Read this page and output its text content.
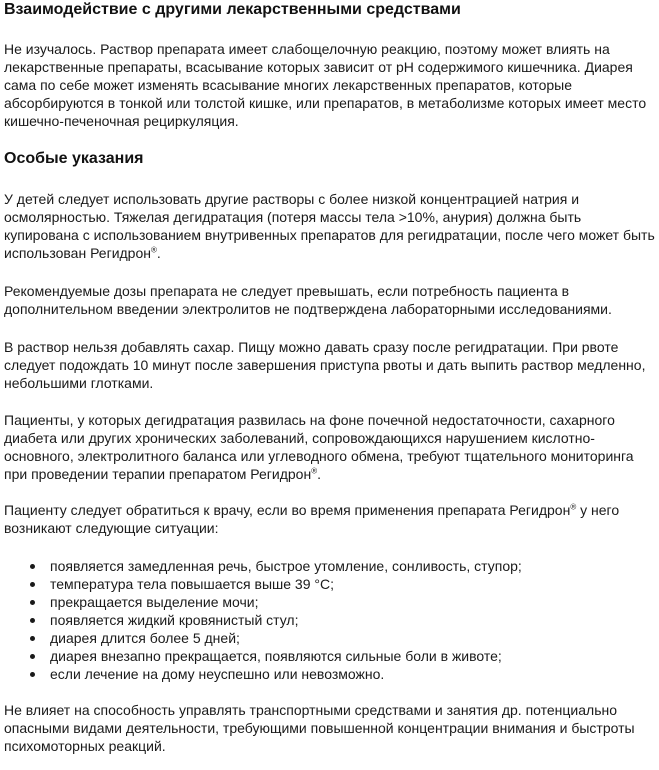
Взаимодействие с другими лекарственными средствами

Не изучалось. Раствор препарата имеет слабощелочную реакцию, поэтому может влиять на лекарственные препараты, всасывание которых зависит от pH содержимого кишечника. Диарея сама по себе может изменять всасывание многих лекарственных препаратов, которые абсорбируются в тонкой или толстой кишке, или препаратов, в метаболизме которых имеет место кишечно-печеночная рециркуляция.

Особые указания

У детей следует использовать другие растворы с более низкой концентрацией натрия и осмолярностью. Тяжелая дегидратация (потеря массы тела >10%, анурия) должна быть купирована с использованием внутривенных препаратов для регидратации, после чего может быть использован Регидрон®.

Рекомендуемые дозы препарата не следует превышать, если потребность пациента в дополнительном введении электролитов не подтверждена лабораторными исследованиями.

В раствор нельзя добавлять сахар. Пищу можно давать сразу после регидратации. При рвоте следует подождать 10 минут после завершения приступа рвоты и дать выпить раствор медленно, небольшими глотками.

Пациенты, у которых дегидратация развилась на фоне почечной недостаточности, сахарного диабета или других хронических заболеваний, сопровождающихся нарушением кислотно-основного, электролитного баланса или углеводного обмена, требуют тщательного мониторинга при проведении терапии препаратом Регидрон®.

Пациенту следует обратиться к врачу, если во время применения препарата Регидрон® у него возникают следующие ситуации:

появляется замедленная речь, быстрое утомление, сонливость, ступор;
температура тела повышается выше 39 °C;
прекращается выделение мочи;
появляется жидкий кровянистый стул;
диарея длится более 5 дней;
диарея внезапно прекращается, появляются сильные боли в животе;
если лечение на дому неуспешно или невозможно.

Не влияет на способность управлять транспортными средствами и занятия др. потенциально опасными видами деятельности, требующими повышенной концентрации внимания и быстроты психомоторных реакций.
